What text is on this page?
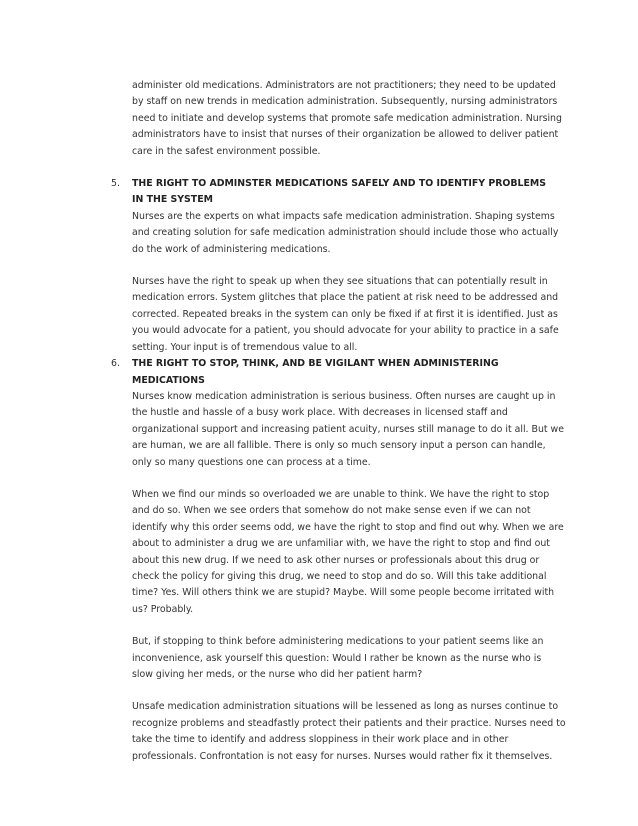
administer old medications. Administrators are not practitioners; they need to be updated
by staff on new trends in medication administration. Subsequently, nursing administrators
need to initiate and develop systems that promote safe medication administration. Nursing
administrators have to insist that nurses of their organization be allowed to deliver patient
care in the safest environment possible.
5. THE RIGHT TO ADMINSTER MEDICATIONS SAFELY AND TO IDENTIFY PROBLEMS
IN THE SYSTEM
Nurses are the experts on what impacts safe medication administration. Shaping systems
and creating solution for safe medication administration should include those who actually
do the work of administering medications.
Nurses have the right to speak up when they see situations that can potentially result in
medication errors. System glitches that place the patient at risk need to be addressed and
corrected. Repeated breaks in the system can only be fixed if at first it is identified. Just as
you would advocate for a patient, you should advocate for your ability to practice in a safe
setting. Your input is of tremendous value to all.
6. THE RIGHT TO STOP, THINK, AND BE VIGILANT WHEN ADMINISTERING
MEDICATIONS
Nurses know medication administration is serious business. Often nurses are caught up in
the hustle and hassle of a busy work place. With decreases in licensed staff and
organizational support and increasing patient acuity, nurses still manage to do it all. But we
are human, we are all fallible. There is only so much sensory input a person can handle,
only so many questions one can process at a time.
When we find our minds so overloaded we are unable to think. We have the right to stop
and do so. When we see orders that somehow do not make sense even if we can not
identify why this order seems odd, we have the right to stop and find out why. When we are
about to administer a drug we are unfamiliar with, we have the right to stop and find out
about this new drug. If we need to ask other nurses or professionals about this drug or
check the policy for giving this drug, we need to stop and do so. Will this take additional
time? Yes. Will others think we are stupid? Maybe. Will some people become irritated with
us? Probably.
But, if stopping to think before administering medications to your patient seems like an
inconvenience, ask yourself this question: Would I rather be known as the nurse who is
slow giving her meds, or the nurse who did her patient harm?
Unsafe medication administration situations will be lessened as long as nurses continue to
recognize problems and steadfastly protect their patients and their practice. Nurses need to
take the time to identify and address sloppiness in their work place and in other
professionals. Confrontation is not easy for nurses. Nurses would rather fix it themselves.
